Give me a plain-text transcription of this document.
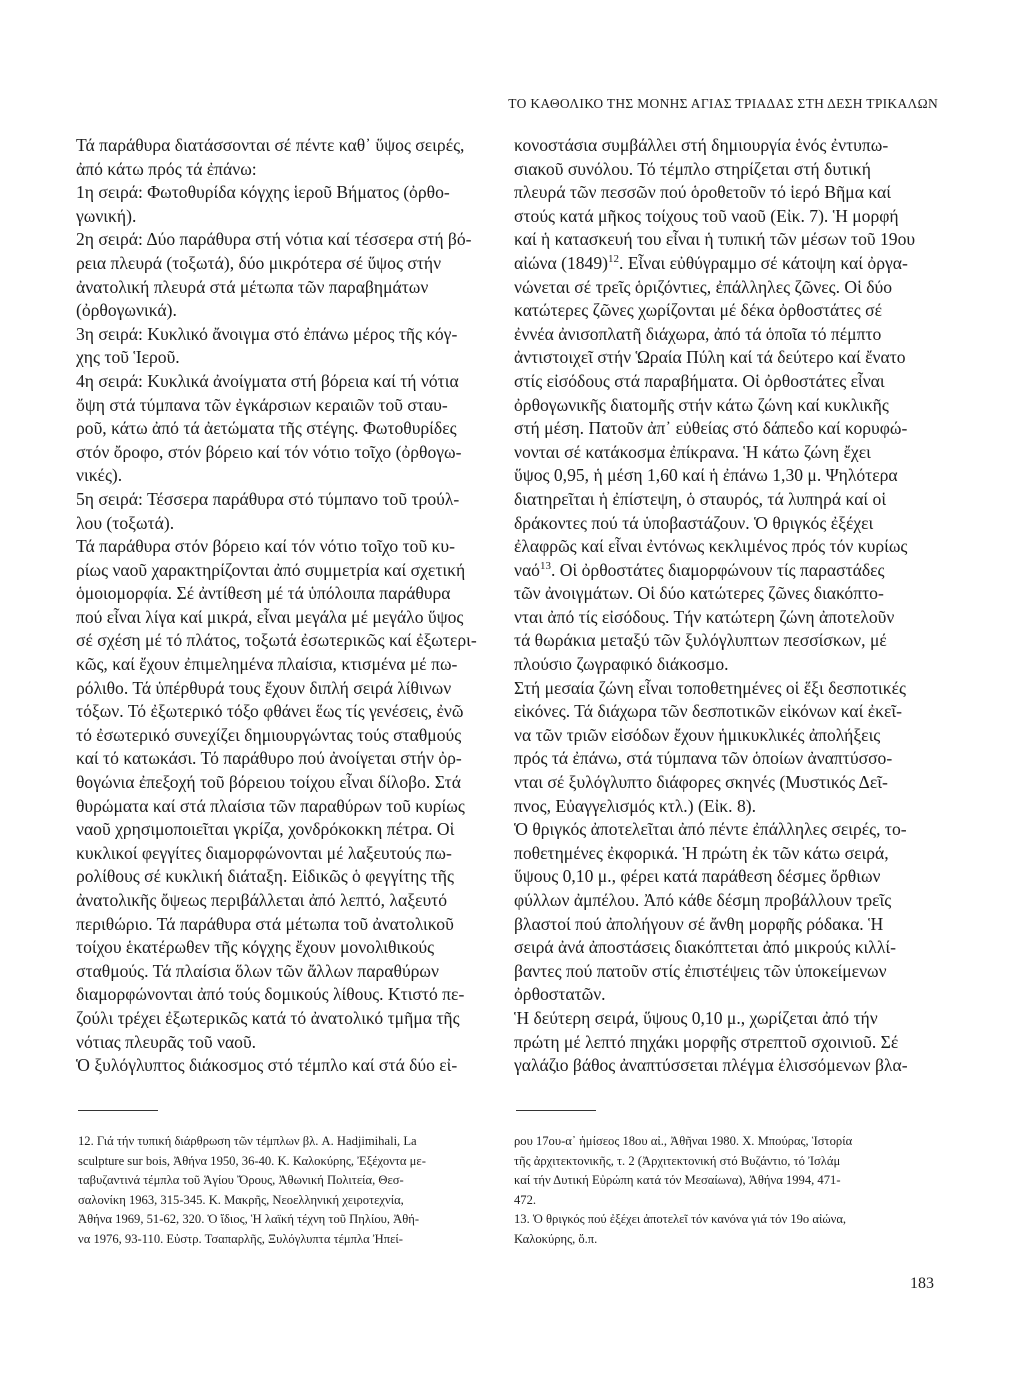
ΤΟ ΚΑΘΟΛΙΚΟ ΤΗΣ ΜΟΝΗΣ ΑΓΙΑΣ ΤΡΙΑΔΑΣ ΣΤΗ ΔΕΣΗ ΤΡΙΚΑΛΩΝ
Τά παράθυρα διατάσσονται σέ πέντε καθ᾽ ὕψος σειρές,
ἀπό κάτω πρός τά ἐπάνω:
1η σειρά: Φωτοθυρίδα κόγχης ἱεροῦ Βήματος (ὀρθο-
γωνική).
2η σειρά: Δύο παράθυρα στή νότια καί τέσσερα στή βό-
ρεια πλευρά (τοξωτά), δύο μικρότερα σέ ὕψος στήν
ἀνατολική πλευρά στά μέτωπα τῶν παραβημάτων
(ὀρθογωνικά).
3η σειρά: Κυκλικό ἄνοιγμα στό ἐπάνω μέρος τῆς κόγ-
χης τοῦ Ἱεροῦ.
4η σειρά: Κυκλικά ἀνοίγματα στή βόρεια καί τή νότια
ὄψη στά τύμπανα τῶν ἐγκάρσιων κεραιῶν τοῦ σταυ-
ροῦ, κάτω ἀπό τά ἀετώματα τῆς στέγης. Φωτοθυρίδες
στόν ὄροφο, στόν βόρειο καί τόν νότιο τοῖχο (ὀρθογω-
νικές).
5η σειρά: Τέσσερα παράθυρα στό τύμπανο τοῦ τρούλ-
λου (τοξωτά).
Τά παράθυρα στόν βόρειο καί τόν νότιο τοῖχο τοῦ κυ-
ρίως ναοῦ χαρακτηρίζονται ἀπό συμμετρία καί σχετική
ὁμοιομορφία. Σέ ἀντίθεση μέ τά ὑπόλοιπα παράθυρα
πού εἶναι λίγα καί μικρά, εἶναι μεγάλα μέ μεγάλο ὕψος
σέ σχέση μέ τό πλάτος, τοξωτά ἐσωτερικῶς καί ἐξωτερι-
κῶς, καί ἔχουν ἐπιμελημένα πλαίσια, κτισμένα μέ πω-
ρόλιθο. Τά ὑπέρθυρά τους ἔχουν διπλή σειρά λίθινων
τόξων. Τό ἐξωτερικό τόξο φθάνει ἕως τίς γενέσεις, ἐνῶ
τό ἐσωτερικό συνεχίζει δημιουργώντας τούς σταθμούς
καί τό κατωκάσι. Τό παράθυρο πού ἀνοίγεται στήν ὀρ-
θογώνια ἐπεξοχή τοῦ βόρειου τοίχου εἶναι δίλοβο. Στά
θυρώματα καί στά πλαίσια τῶν παραθύρων τοῦ κυρίως
ναοῦ χρησιμοποιεῖται γκρίζα, χονδρόκοκκη πέτρα. Οἱ
κυκλικοί φεγγίτες διαμορφώνονται μέ λαξευτούς πω-
ρολίθους σέ κυκλική διάταξη. Εἰδικῶς ὁ φεγγίτης τῆς
ἀνατολικῆς ὄψεως περιβάλλεται ἀπό λεπτό, λαξευτό
περιθώριο. Τά παράθυρα στά μέτωπα τοῦ ἀνατολικοῦ
τοίχου ἑκατέρωθεν τῆς κόγχης ἔχουν μονολιθικούς
σταθμούς. Τά πλαίσια ὅλων τῶν ἄλλων παραθύρων
διαμορφώνονται ἀπό τούς δομικούς λίθους. Κτιστό πε-
ζούλι τρέχει ἐξωτερικῶς κατά τό ἀνατολικό τμῆμα τῆς
νότιας πλευρᾶς τοῦ ναοῦ.
Ὁ ξυλόγλυπτος διάκοσμος στό τέμπλο καί στά δύο εἰ-
κονοστάσια συμβάλλει στή δημιουργία ἑνός ἐντυπω-
σιακοῦ συνόλου. Τό τέμπλο στηρίζεται στή δυτική
πλευρά τῶν πεσσῶν πού ὁροθετοῦν τό ἱερό Βῆμα καί
στούς κατά μῆκος τοίχους τοῦ ναοῦ (Εἰκ. 7). Ἡ μορφή
καί ἡ κατασκευή του εἶναι ἡ τυπική τῶν μέσων τοῦ 19ου
αἰώνα (1849)$^{12}$. Εἶναι εὐθύγραμμο σέ κάτοψη καί ὀργα-
νώνεται σέ τρεῖς ὁριζόντιες, ἐπάλληλες ζῶνες. Οἱ δύο
κατώτερες ζῶνες χωρίζονται μέ δέκα ὀρθοστάτες σέ
ἐννέα ἀνισοπλατῆ διάχωρα, ἀπό τά ὁποῖα τό πέμπτο
ἀντιστοιχεῖ στήν Ὡραία Πύλη καί τά δεύτερο καί ἔνατο
στίς εἰσόδους στά παραβήματα. Οἱ ὀρθοστάτες εἶναι
ὀρθογωνικῆς διατομῆς στήν κάτω ζώνη καί κυκλικῆς
στή μέση. Πατοῦν ἀπ᾽ εὐθείας στό δάπεδο καί κορυφώ-
νονται σέ κατάκοσμα ἐπίκρανα. Ἡ κάτω ζώνη ἔχει
ὕψος 0,95, ἡ μέση 1,60 καί ἡ ἐπάνω 1,30 μ. Ψηλότερα
διατηρεῖται ἡ ἐπίστεψη, ὁ σταυρός, τά λυπηρά καί οἱ
δράκοντες πού τά ὑποβαστάζουν. Ὁ θριγκός ἐξέχει
ἐλαφρῶς καί εἶναι ἐντόνως κεκλιμένος πρός τόν κυρίως
ναό$^{13}$. Οἱ ὀρθοστάτες διαμορφώνουν τίς παραστάδες
τῶν ἀνοιγμάτων. Οἱ δύο κατώτερες ζῶνες διακόπτο-
νται ἀπό τίς εἰσόδους. Τήν κατώτερη ζώνη ἀποτελοῦν
τά θωράκια μεταξύ τῶν ξυλόγλυπτων πεσσίσκων, μέ
πλούσιο ζωγραφικό διάκοσμο.
Στή μεσαία ζώνη εἶναι τοποθετημένες οἱ ἕξι δεσποτικές
εἰκόνες. Τά διάχωρα τῶν δεσποτικῶν εἰκόνων καί ἐκεῖ-
να τῶν τριῶν εἰσόδων ἔχουν ἡμικυκλικές ἀπολήξεις
πρός τά ἐπάνω, στά τύμπανα τῶν ὁποίων ἀναπτύσσο-
νται σέ ξυλόγλυπτο διάφορες σκηνές (Μυστικός Δεῖ-
πνος, Εὐαγγελισμός κτλ.) (Εἰκ. 8).
Ὁ θριγκός ἀποτελεῖται ἀπό πέντε ἐπάλληλες σειρές, το-
ποθετημένες ἐκφορικά. Ἡ πρώτη ἐκ τῶν κάτω σειρά,
ὕψους 0,10 μ., φέρει κατά παράθεση δέσμες ὄρθιων
φύλλων ἀμπέλου. Ἀπό κάθε δέσμη προβάλλουν τρεῖς
βλαστοί πού ἀπολήγουν σέ ἄνθη μορφῆς ρόδακα. Ἡ
σειρά ἀνά ἀποστάσεις διακόπτεται ἀπό μικρούς κιλλί-
βαντες πού πατοῦν στίς ἐπιστέψεις τῶν ὑποκείμενων
ὀρθοστατῶν.
Ἡ δεύτερη σειρά, ὕψους 0,10 μ., χωρίζεται ἀπό τήν
πρώτη μέ λεπτό πηχάκι μορφῆς στρεπτοῦ σχοινιοῦ. Σέ
γαλάζιο βάθος ἀναπτύσσεται πλέγμα ἑλισσόμενων βλα-
12. Γιά τήν τυπική διάρθρωση τῶν τέμπλων βλ. A. Hadjimihali, La
sculpture sur bois, Ἀθήνα 1950, 36-40. Κ. Καλοκύρης, Ἐξέχοντα με-
ταβυζαντινά τέμπλα τοῦ Ἁγίου Ὄρους, Ἀθωνική Πολιτεία, Θεσ-
σαλονίκη 1963, 315-345. Κ. Μακρῆς, Νεοελληνική χειροτεχνία,
Ἀθήνα 1969, 51-62, 320. Ὁ ἴδιος, Ἡ λαϊκή τέχνη τοῦ Πηλίου, Ἀθή-
να 1976, 93-110. Εὐστρ. Τσαπαρλῆς, Ξυλόγλυπτα τέμπλα Ἠπεί-
ρου 17ου-α᾽ ἡμίσεος 18ου αἰ., Ἀθῆναι 1980. Χ. Μπούρας, Ἱστορία
τῆς ἀρχιτεκτονικῆς, τ. 2 (Ἀρχιτεκτονική στό Βυζάντιο, τό Ἰσλάμ
καί τήν Δυτική Εὐρώπη κατά τόν Μεσαίωνα), Ἀθήνα 1994, 471-
472.
13. Ὁ θριγκός πού ἐξέχει ἀποτελεῖ τόν κανόνα γιά τόν 19ο αἰώνα,
Καλοκύρης, ὅ.π.
183
